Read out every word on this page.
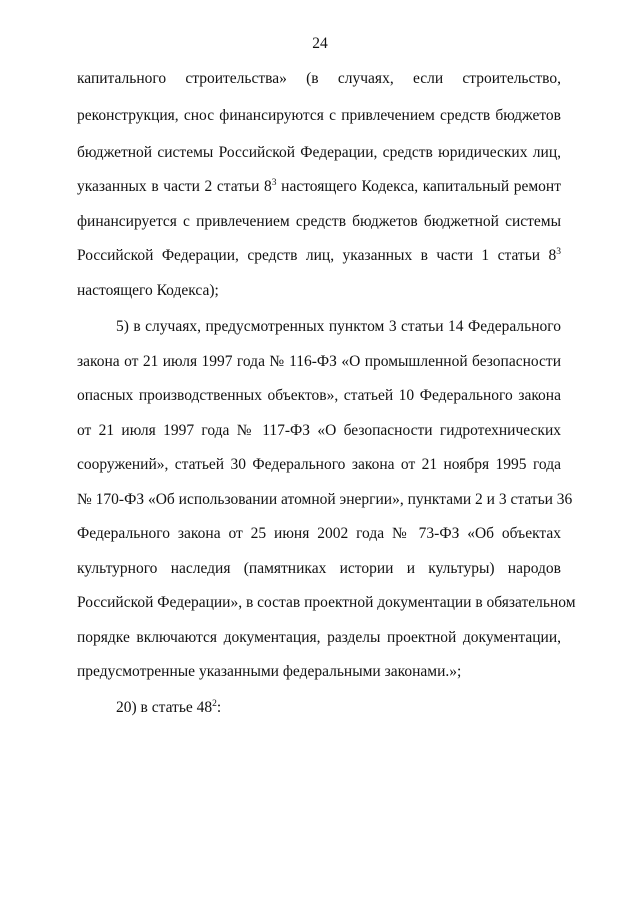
24
капитального строительства» (в случаях, если строительство,
реконструкция, снос финансируются с привлечением средств бюджетов
бюджетной системы Российской Федерации, средств юридических лиц,
указанных в части 2 статьи $8^3$ настоящего Кодекса, капитальный ремонт
финансируется с привлечением средств бюджетов бюджетной системы
Российской Федерации, средств лиц, указанных в части 1 статьи $8^3$
настоящего Кодекса);
5) в случаях, предусмотренных пунктом 3 статьи 14 Федерального
закона от 21 июля 1997 года № 116-ФЗ «О промышленной безопасности
опасных производственных объектов», статьей 10 Федерального закона
от 21 июля 1997 года № 117-ФЗ «О безопасности гидротехнических
сооружений», статьей 30 Федерального закона от 21 ноября 1995 года
№ 170-ФЗ «Об использовании атомной энергии», пунктами 2 и 3 статьи 36
Федерального закона от 25 июня 2002 года № 73-ФЗ «Об объектах
культурного наследия (памятниках истории и культуры) народов
Российской Федерации», в состав проектной документации в обязательном
порядке включаются документация, разделы проектной документации,
предусмотренные указанными федеральными законами.»;
20) в статье $48^2$:
